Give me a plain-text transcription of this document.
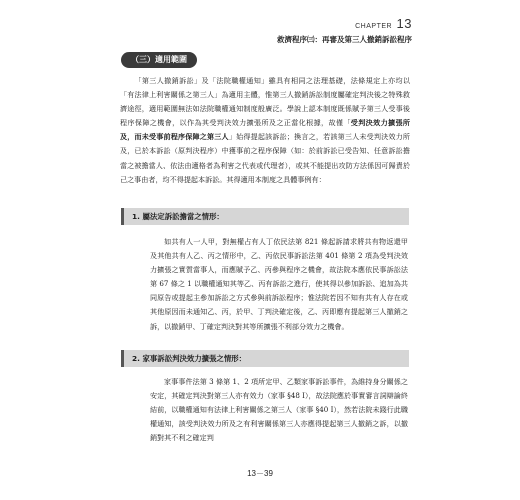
CHAPTER 13
救濟程序㈢：再審及第三人撤銷訴訟程序
（三）適用範圍

「第三人撤銷訴訟」及「法院職權通知」雖具有相同之法理基礎，法條規定上亦均以「有法律上利害關係之第三人」為適用主體，惟第三人撤銷訴訟制度屬確定判決後之特殊救濟途徑，適用範圍無法如法院職權通知制度般廣泛。學說上認本制度既係賦予第三人受事後程序保障之機會，以作為其受判決效力擴張所及之正當化根據，故僅「受判決效力擴張所及，而未受事前程序保障之第三人」始得提起該訴訟；換言之，若該第三人未受判決效力所及，已於本訴訟（原判決程序）中獲事前之程序保障（如：於前訴訟已受告知、任意訴訟擔當之被擔當人、依法由適格者為利害之代表或代理者），或其不能提出攻防方法係因可歸責於己之事由者，均不得提起本訴訟。其得適用本制度之具體事例有：

1. 屬法定訴訟擔當之情形：

如共有人一人甲，對無權占有人丁依民法第 821 條起訴請求將共有物返還甲及其他共有人乙、丙之情形中，乙、丙依民事訴訟法第 401 條第 2 項為受判決效力擴張之實質當事人，而應賦予乙、丙參與程序之機會，故法院本應依民事訴訟法第 67 條之 1 以職權通知其等乙、丙有訴訟之進行，使其得以參加訴訟、追加為共同原告或提起主參加訴訟之方式參與前訴訟程序；惟法院若因不知有共有人存在或其他原因而未通知乙、丙，於甲、丁判決確定後，乙、丙即應有提起第三人撤銷之訴，以撤銷甲、丁確定判決對其等所擴張不利部分效力之機會。

2. 家事訴訟判決效力擴張之情形：

家事事件法第 3 條第 1、2 項所定甲、乙類家事訴訟事件，為維持身分關係之安定，其確定判決對第三人亦有效力（家事 §48 Ⅰ），故法院應於事實審言詞辯論終結前，以職權通知有法律上利害關係之第三人（家事 §40 Ⅰ），然若法院未踐行此職權通知，該受判決效力所及之有利害關係第三人亦應得提起第三人撤銷之訴，以撤銷對其不利之確定判

13－39
